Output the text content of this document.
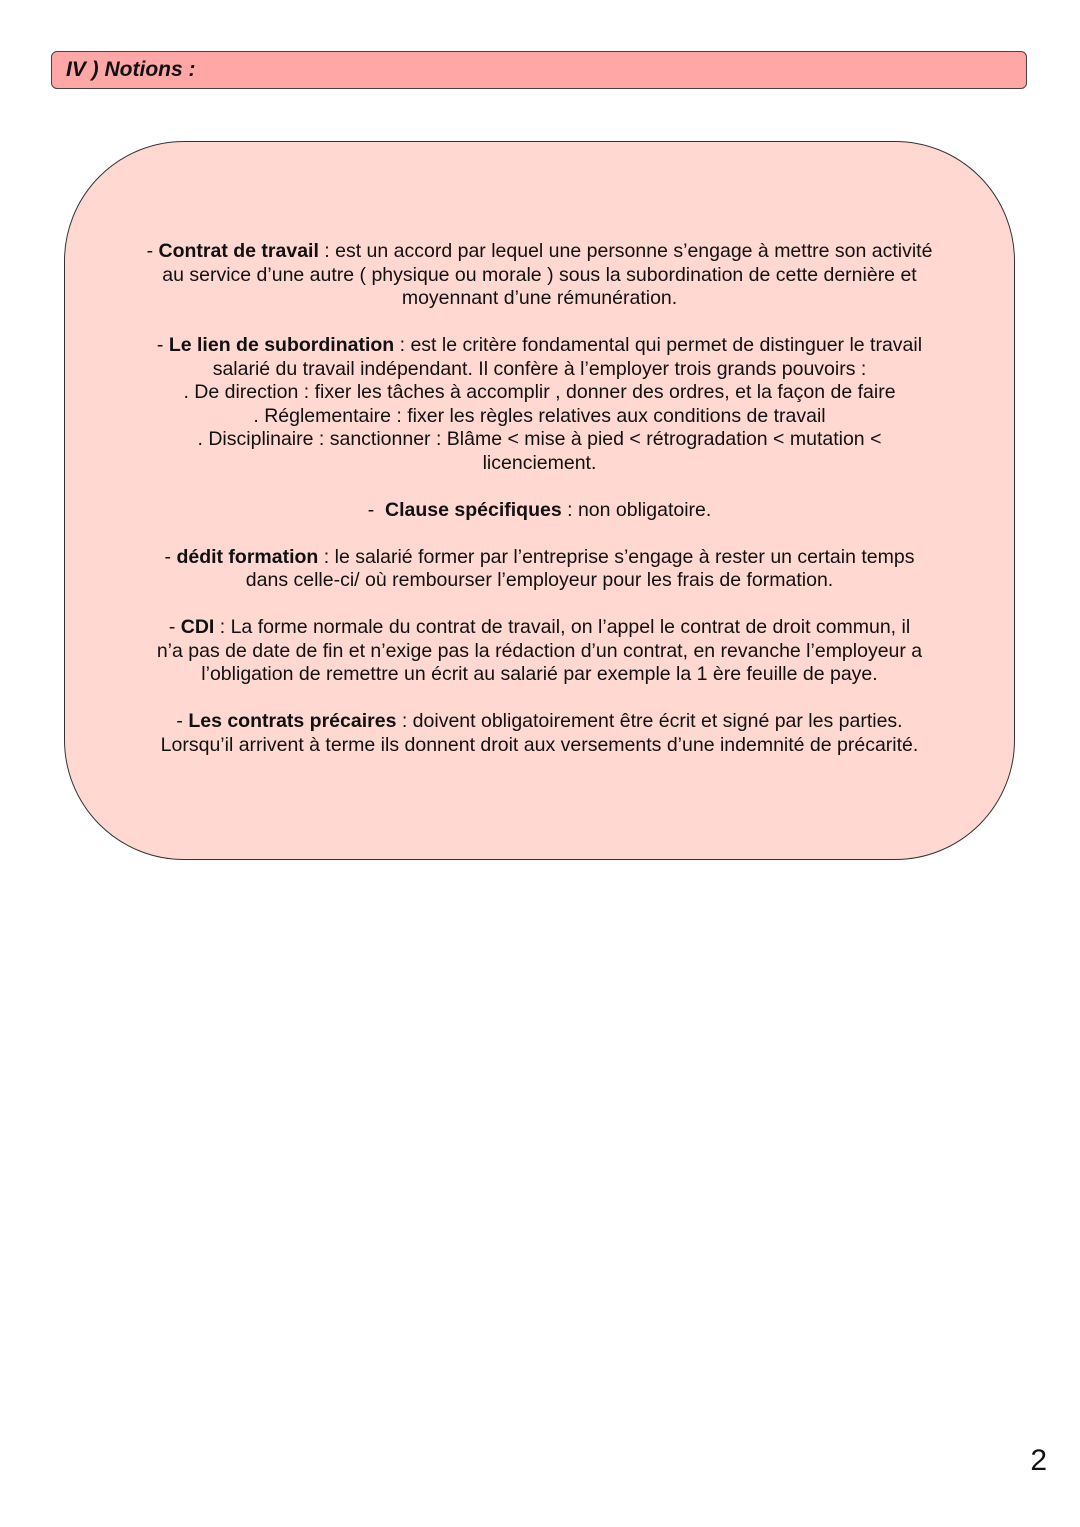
IV ) Notions :

- Contrat de travail : est un accord par lequel une personne s’engage à mettre son activité
au service d’une autre ( physique ou morale ) sous la subordination de cette dernière et
moyennant d’une rémunération.

- Le lien de subordination : est le critère fondamental qui permet de distinguer le travail
salarié du travail indépendant. Il confère à l’employer trois grands pouvoirs :
. De direction : fixer les tâches à accomplir , donner des ordres, et la façon de faire
. Réglementaire : fixer les règles relatives aux conditions de travail
. Disciplinaire : sanctionner : Blâme < mise à pied < rétrogradation < mutation <
licenciement.

-  Clause spécifiques : non obligatoire.

- dédit formation : le salarié former par l’entreprise s’engage à rester un certain temps
dans celle-ci/ où rembourser l’employeur pour les frais de formation.

- CDI : La forme normale du contrat de travail, on l’appel le contrat de droit commun, il
n’a pas de date de fin et n’exige pas la rédaction d’un contrat, en revanche l’employeur a
l’obligation de remettre un écrit au salarié par exemple la 1 ère feuille de paye.

- Les contrats précaires : doivent obligatoirement être écrit et signé par les parties.
Lorsqu’il arrivent à terme ils donnent droit aux versements d’une indemnité de précarité.

2
